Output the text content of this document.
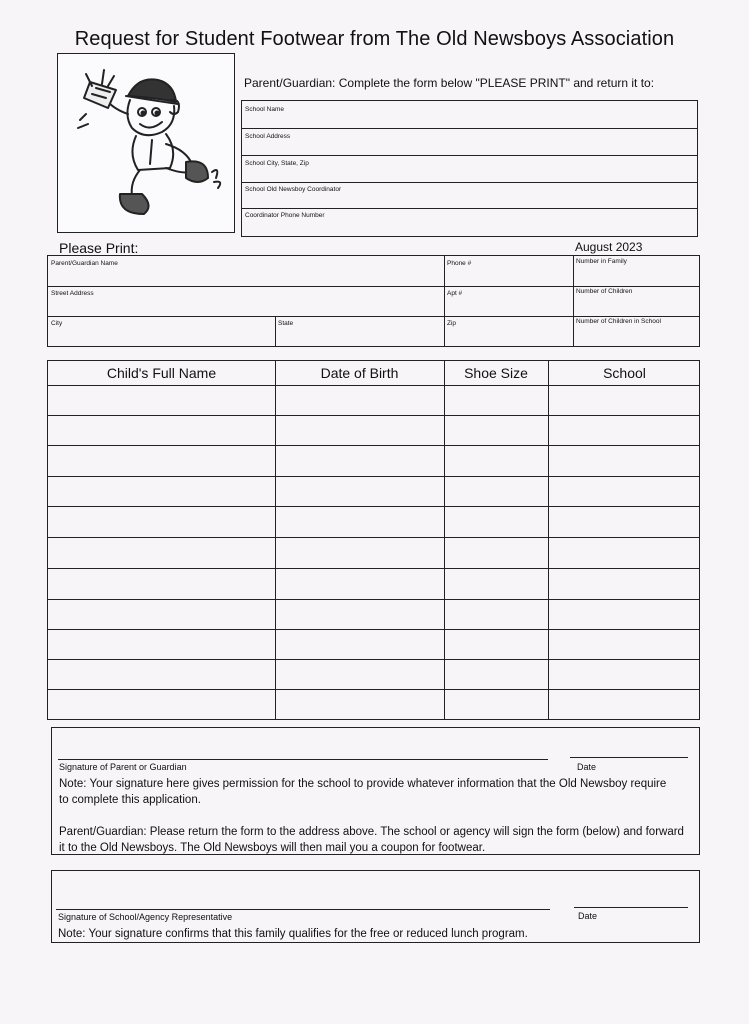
Request for Student Footwear from The Old Newsboys Association
Parent/Guardian: Complete the form below "PLEASE PRINT" and return it to:
School Name
School Address
School City, State, Zip
School Old Newsboy Coordinator
Coordinator Phone Number
Please Print:	August 2023
Parent/Guardian Name	Phone #	Number in Family
Street Address	Apt #	Number of Children
City	State	Zip	Number of Children in School
Child's Full Name	Date of Birth	Shoe Size	School
Signature of Parent or Guardian	Date
Note: Your signature here gives permission for the school to provide whatever information that the Old Newsboy require to complete this application.
Parent/Guardian: Please return the form to the address above. The school or agency will sign the form (below) and forward it to the Old Newsboys. The Old Newsboys will then mail you a coupon for footwear.
Signature of School/Agency Representative	Date
Note: Your signature confirms that this family qualifies for the free or reduced lunch program.
